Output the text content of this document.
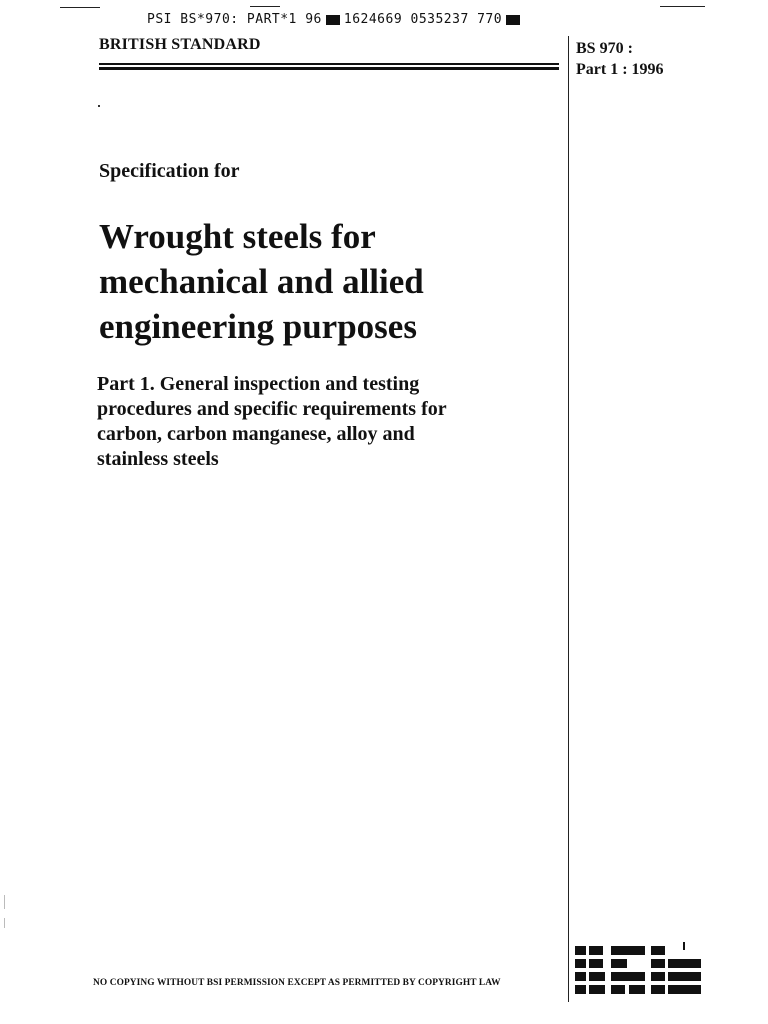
PSI BS*970: PART*1 96 1624669 0535237 770
BRITISH STANDARD	BS 970 :
Part 1 : 1996
Specification for
Wrought steels for
mechanical and allied
engineering purposes
Part 1. General inspection and testing
procedures and specific requirements for
carbon, carbon manganese, alloy and
stainless steels
NO COPYING WITHOUT BSI PERMISSION EXCEPT AS PERMITTED BY COPYRIGHT LAW
